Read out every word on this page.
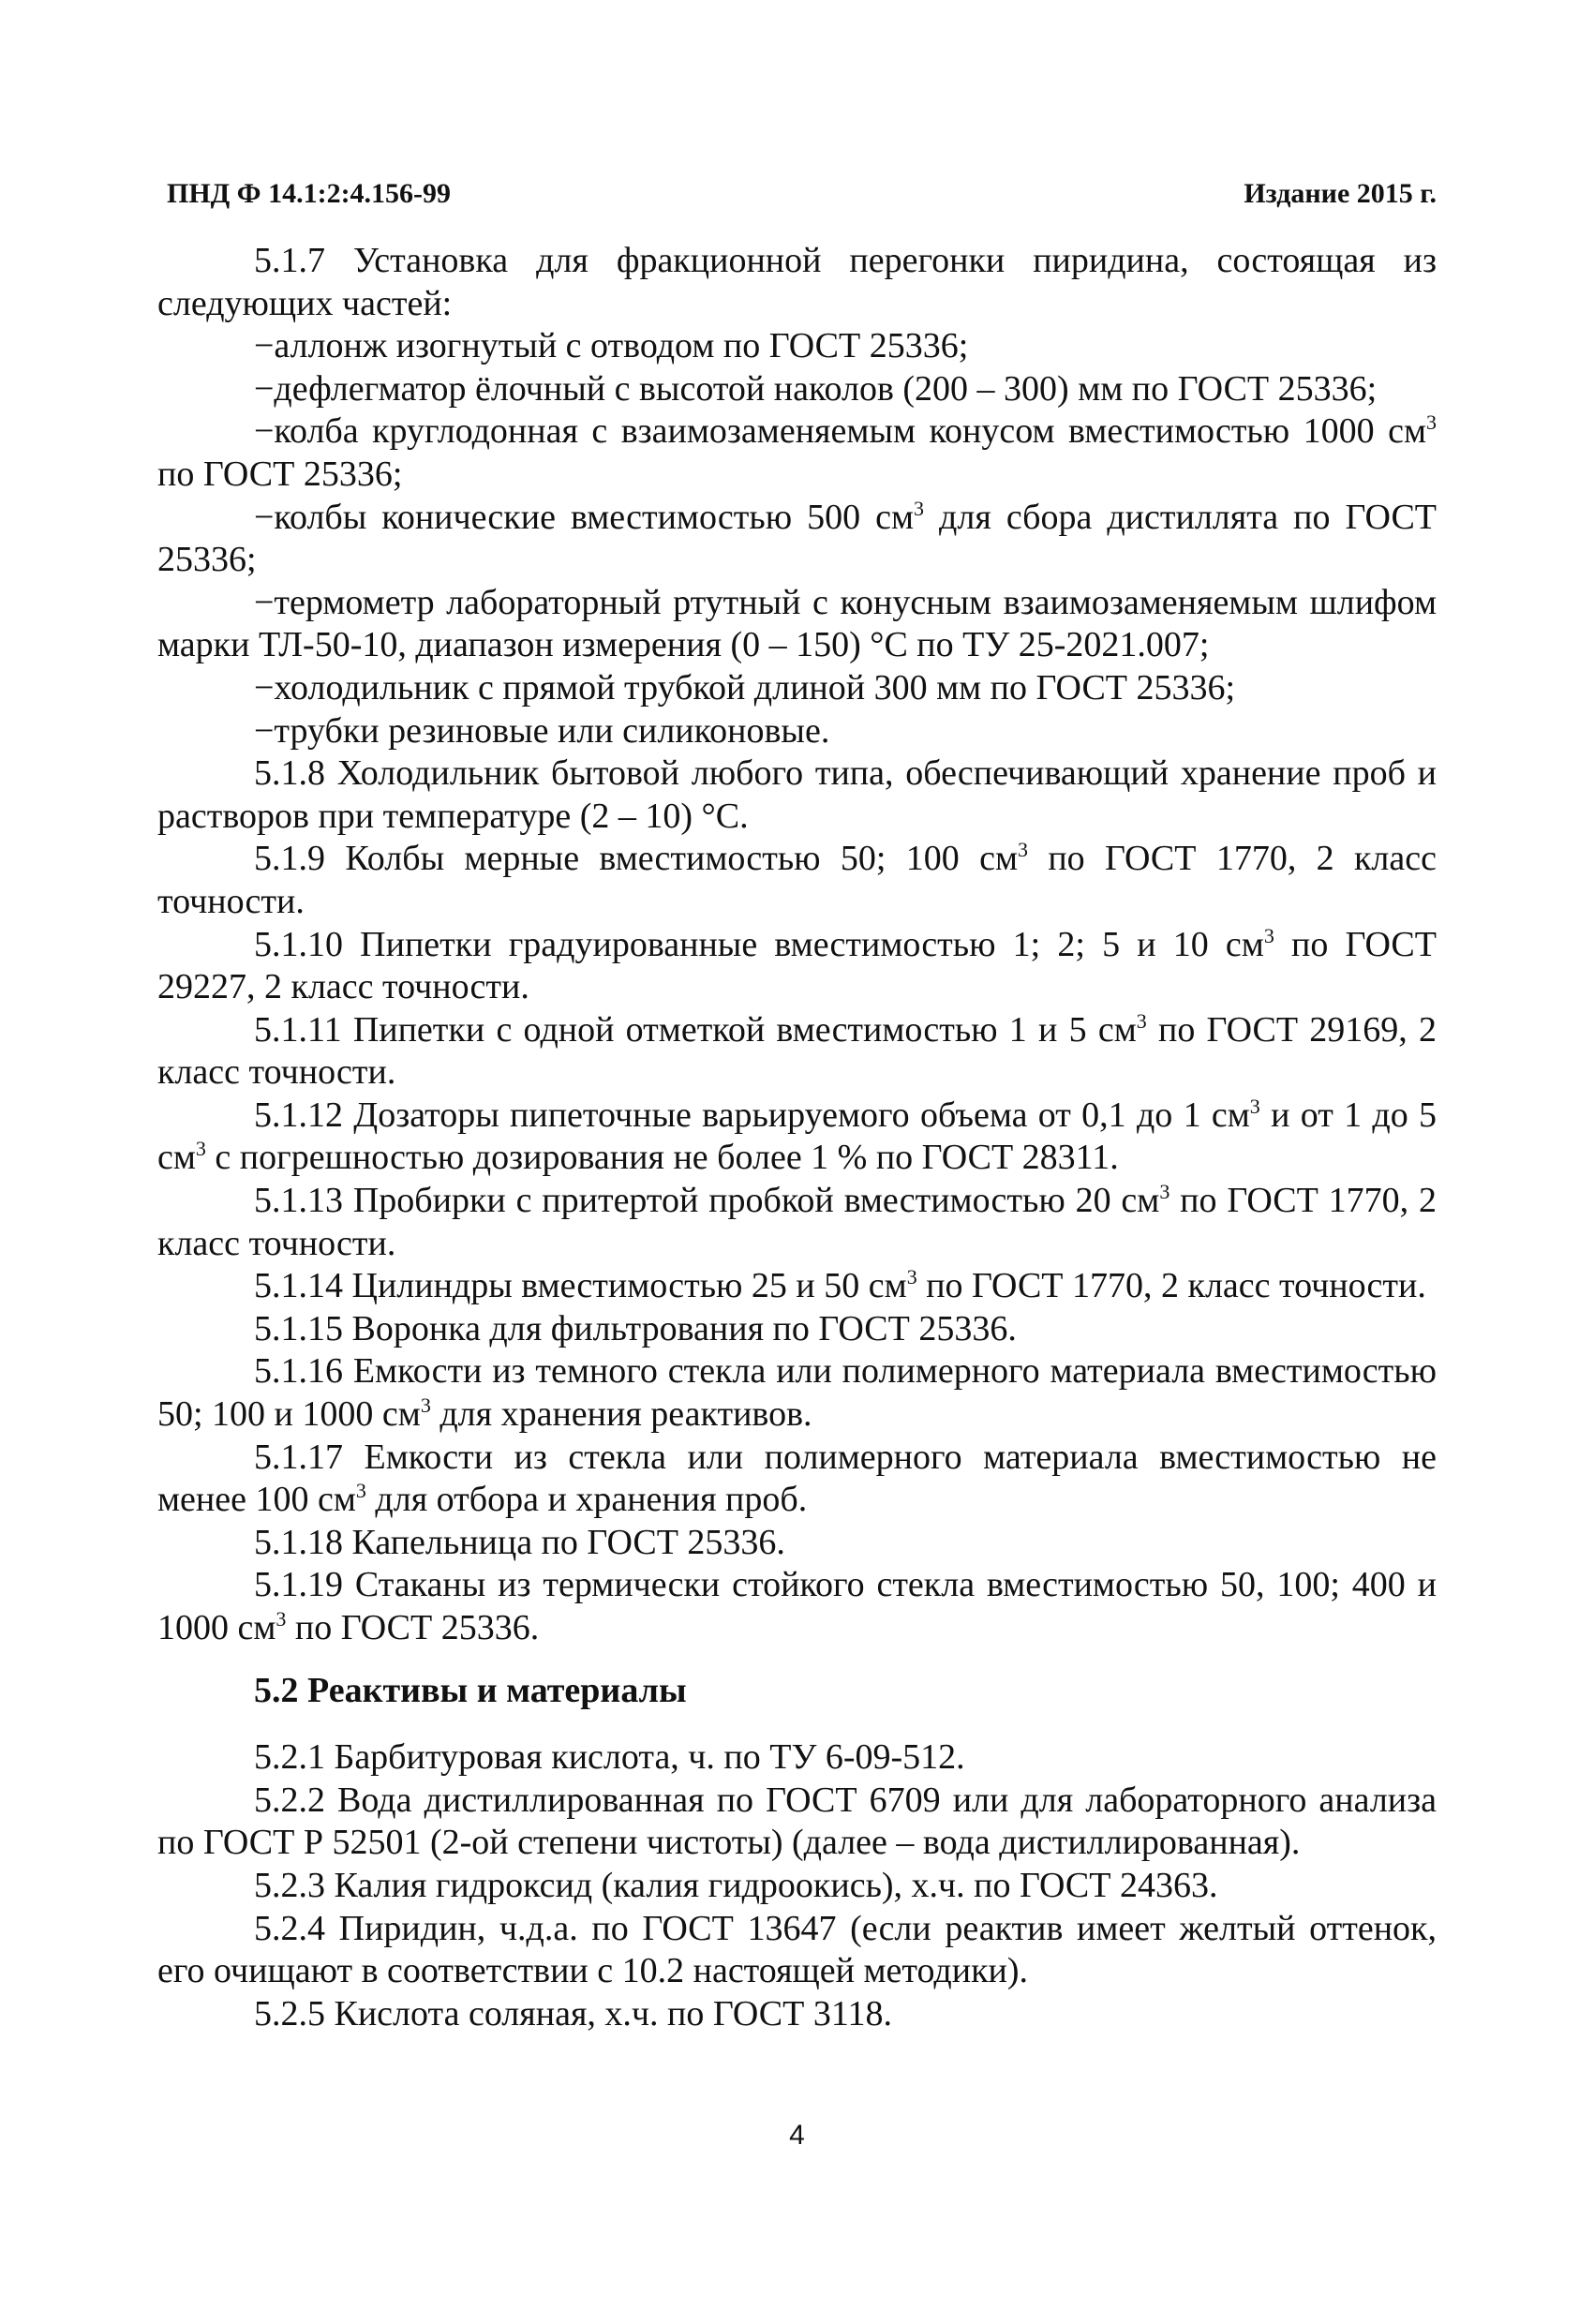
ПНД Ф 14.1:2:4.156-99	Издание 2015 г.

5.1.7 Установка для фракционной перегонки пиридина, состоящая из следующих частей:

−аллонж изогнутый с отводом по ГОСТ 25336;

−дефлегматор ёлочный с высотой наколов (200 – 300) мм по ГОСТ 25336;

−колба круглодонная с взаимозаменяемым конусом вместимостью 1000 $см^3$ по ГОСТ 25336;

−колбы конические вместимостью 500 $см^3$ для сбора дистиллята по ГОСТ 25336;

−термометр лабораторный ртутный с конусным взаимозаменяемым шлифом марки ТЛ-50-10, диапазон измерения (0 – 150) °С по ТУ 25-2021.007;

−холодильник с прямой трубкой длиной 300 мм по ГОСТ 25336;

−трубки резиновые или силиконовые.

5.1.8 Холодильник бытовой любого типа, обеспечивающий хранение проб и растворов при температуре (2 – 10) °С.

5.1.9 Колбы мерные вместимостью 50; 100 $см^3$ по ГОСТ 1770, 2 класс точности.

5.1.10 Пипетки градуированные вместимостью 1; 2; 5 и 10 $см^3$ по ГОСТ 29227, 2 класс точности.

5.1.11 Пипетки с одной отметкой вместимостью 1 и 5 $см^3$ по ГОСТ 29169, 2 класс точности.

5.1.12 Дозаторы пипеточные варьируемого объема от 0,1 до 1 $см^3$ и от 1 до 5 $см^3$ с погрешностью дозирования не более 1 % по ГОСТ 28311.

5.1.13 Пробирки с притертой пробкой вместимостью 20 $см^3$ по ГОСТ 1770, 2 класс точности.

5.1.14 Цилиндры вместимостью 25 и 50 $см^3$ по ГОСТ 1770, 2 класс точности.

5.1.15 Воронка для фильтрования по ГОСТ 25336.

5.1.16 Емкости из темного стекла или полимерного материала вместимостью 50; 100 и 1000 $см^3$ для хранения реактивов.

5.1.17 Емкости из стекла или полимерного материала вместимостью не менее 100 $см^3$ для отбора и хранения проб.

5.1.18 Капельница по ГОСТ 25336.

5.1.19 Стаканы из термически стойкого стекла вместимостью 50, 100; 400 и 1000 $см^3$ по ГОСТ 25336.

5.2 Реактивы и материалы

5.2.1 Барбитуровая кислота, ч. по ТУ 6-09-512.

5.2.2 Вода дистиллированная по ГОСТ 6709 или для лабораторного анализа по ГОСТ Р 52501 (2-ой степени чистоты) (далее – вода дистиллированная).

5.2.3 Калия гидроксид (калия гидроокись), х.ч. по ГОСТ 24363.

5.2.4 Пиридин, ч.д.а. по ГОСТ 13647 (если реактив имеет желтый оттенок, его очищают в соответствии с 10.2 настоящей методики).

5.2.5 Кислота соляная, х.ч. по ГОСТ 3118.

4
